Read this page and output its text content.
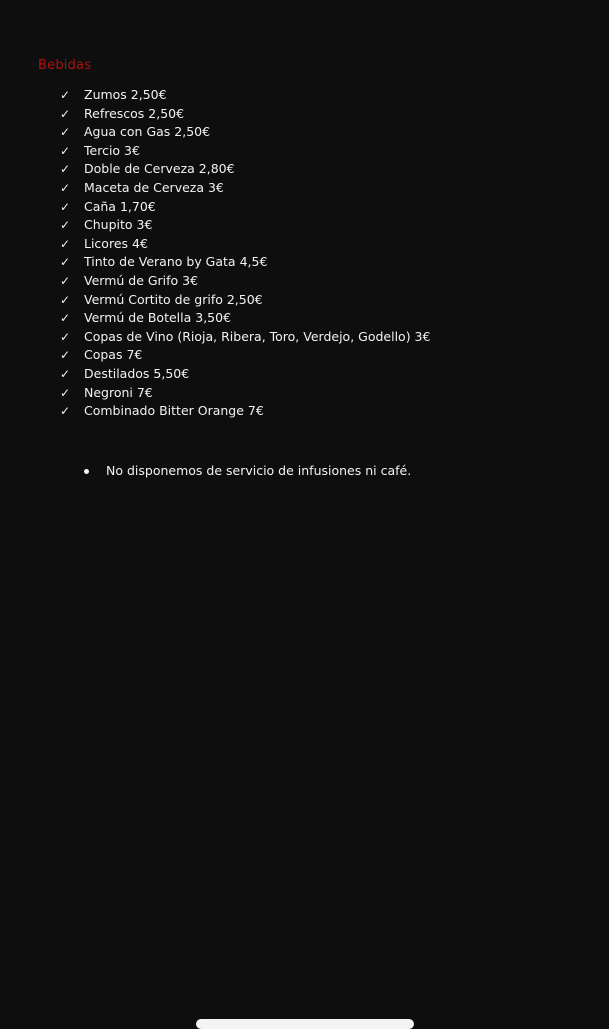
Bebidas
✓	Zumos 2,50€
✓	Refrescos 2,50€
✓	Agua con Gas 2,50€
✓	Tercio 3€
✓	Doble de Cerveza 2,80€
✓	Maceta de Cerveza 3€
✓	Caña 1,70€
✓	Chupito 3€
✓	Licores 4€
✓	Tinto de Verano by Gata 4,5€
✓	Vermú de Grifo 3€
✓	Vermú Cortito de grifo 2,50€
✓	Vermú de Botella 3,50€
✓	Copas de Vino (Rioja, Ribera, Toro, Verdejo, Godello) 3€
✓	Copas 7€
✓	Destilados 5,50€
✓	Negroni 7€
✓	Combinado Bitter Orange 7€
No disponemos de servicio de infusiones ni café.
